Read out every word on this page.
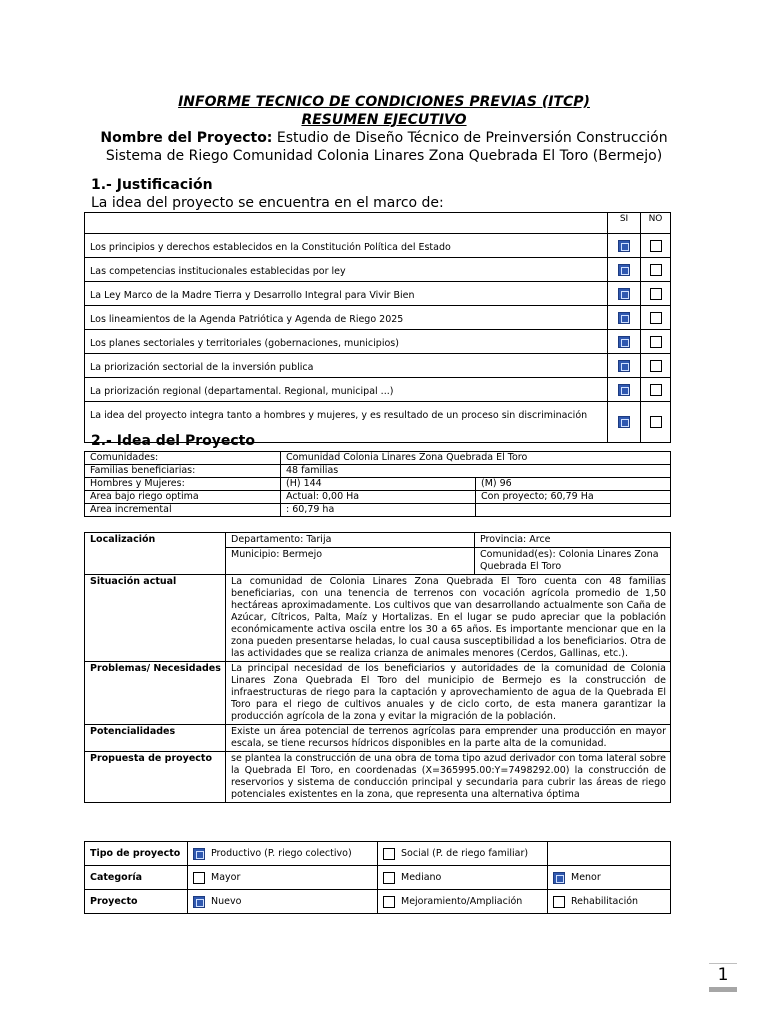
INFORME TECNICO DE CONDICIONES PREVIAS (ITCP)
RESUMEN EJECUTIVO
Nombre del Proyecto: Estudio de Diseño Técnico de Preinversión Construcción
Sistema de Riego Comunidad Colonia Linares Zona Quebrada El Toro (Bermejo)
1.- Justificación
La idea del proyecto se encuentra en el marco de:
	SI	NO
Los principios y derechos establecidos en la Constitución Política del Estado		
Las competencias institucionales establecidas por ley		
La Ley Marco de la Madre Tierra y Desarrollo Integral para Vivir Bien		
Los lineamientos de la Agenda Patriótica y Agenda de Riego 2025		
Los planes sectoriales y territoriales (gobernaciones, municipios)		
La priorización sectorial de la inversión publica		
La priorización regional (departamental. Regional, municipal ...)		
La idea del proyecto integra tanto a hombres y mujeres, y es resultado de un proceso sin discriminación		
2.- Idea del Proyecto
Comunidades:	Comunidad Colonia Linares Zona Quebrada El Toro	
Familias beneficiarias:	48 familias	
Hombres y Mujeres:	(H) 144	(M) 96
Area bajo riego optima	Actual: 0,00 Ha	Con proyecto; 60,79 Ha
Area incremental	: 60,79 ha	
Localización	Departamento: Tarija	Provincia: Arce
	Municipio: Bermejo	Comunidad(es): Colonia Linares Zona Quebrada El Toro
Situación actual	La comunidad de Colonia Linares Zona Quebrada El Toro cuenta con 48 familias beneficiarias, con una tenencia de terrenos con vocación agrícola promedio de 1,50 hectáreas aproximadamente. Los cultivos que van desarrollando actualmente son Caña de Azúcar, Cítricos, Palta, Maíz y Hortalizas. En el lugar se pudo apreciar que la población económicamente activa oscila entre los 30 a 65 años. Es importante mencionar que en la zona pueden presentarse heladas, lo cual causa susceptibilidad a los beneficiarios. Otra de las actividades que se realiza crianza de animales menores (Cerdos, Gallinas, etc.).	
Problemas/ Necesidades	La principal necesidad de los beneficiarios y autoridades de la comunidad de Colonia Linares Zona Quebrada El Toro del municipio de Bermejo es la construcción de infraestructuras de riego para la captación y aprovechamiento de agua de la Quebrada El Toro para el riego de cultivos anuales y de ciclo corto, de esta manera garantizar la producción agrícola de la zona y evitar la migración de la población.	
Potencialidades	Existe un área potencial de terrenos agrícolas para emprender una producción en mayor escala, se tiene recursos hídricos disponibles en la parte alta de la comunidad.	
Propuesta de proyecto	se plantea la construcción de una obra de toma tipo azud derivador con toma lateral sobre la Quebrada El Toro, en coordenadas (X=365995.00:Y=7498292.00) la construcción de reservorios y sistema de conducción principal y secundaria para cubrir las áreas de riego potenciales existentes en la zona, que representa una alternativa óptima	
Tipo de proyecto	Productivo (P. riego colectivo)	Social (P. de riego familiar)	
Categoría	Mayor	Mediano	Menor
Proyecto	Nuevo	Mejoramiento/Ampliación	Rehabilitación
1
